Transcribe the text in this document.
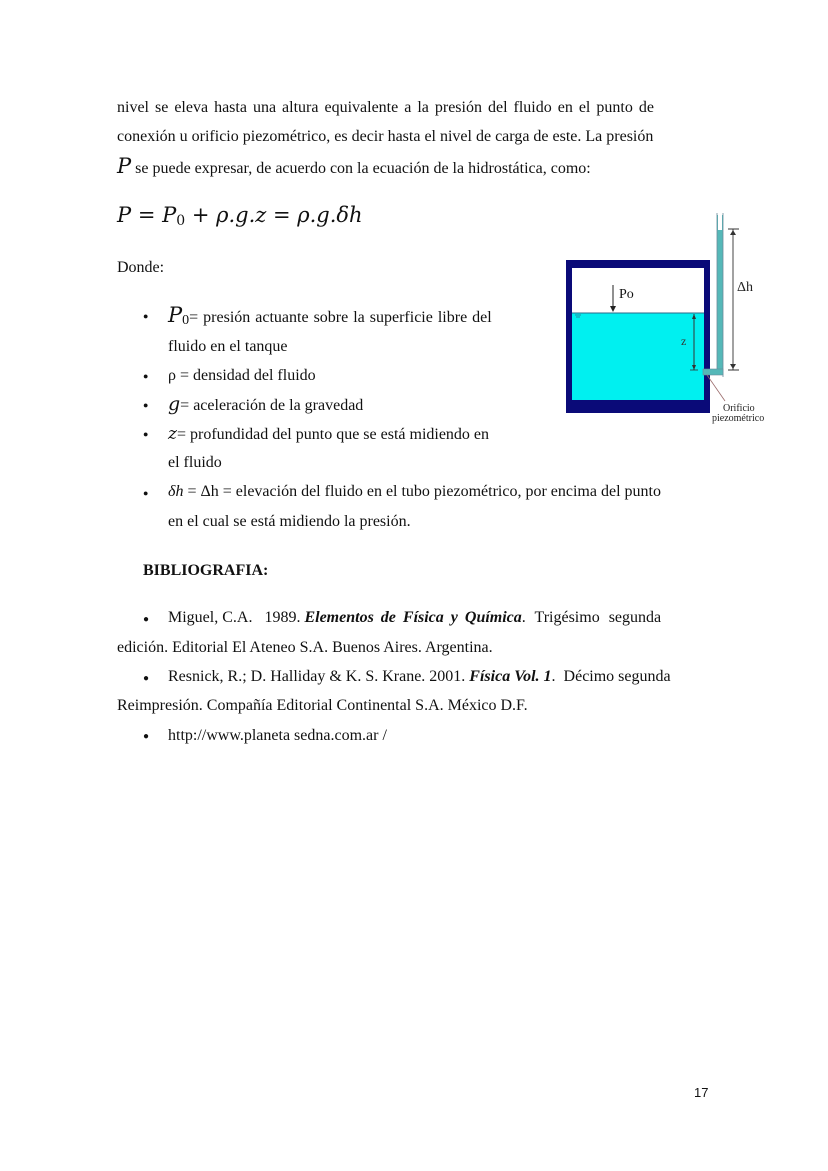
nivel se eleva hasta una altura equivalente a la presión del fluido en el punto de
conexión u orificio piezométrico, es decir hasta el nivel de carga de este. La presión
P se puede expresar, de acuerdo con la ecuación de la hidrostática, como:
$P = P_0 + \rho.g.z = \rho.g.\delta h$
Donde:
● P0= presión actuante sobre la superficie libre del
fluido en el tanque
● ρ = densidad del fluido
● g= aceleración de la gravedad
● z= profundidad del punto que se está midiendo en
el fluido
● δh = Δh = elevación del fluido en el tubo piezométrico, por encima del punto
en el cual se está midiendo la presión.
Po
z
Δh
Orificio
piezométrico
BIBLIOGRAFIA:
● Miguel, C.A.   1989. Elementos de Física y Química. Trigésimo segunda
edición. Editorial El Ateneo S.A. Buenos Aires. Argentina.
● Resnick, R.; D. Halliday & K. S. Krane. 2001. Física Vol. 1.  Décimo segunda
Reimpresión. Compañía Editorial Continental S.A. México D.F.
● http://www.planeta sedna.com.ar /
17
